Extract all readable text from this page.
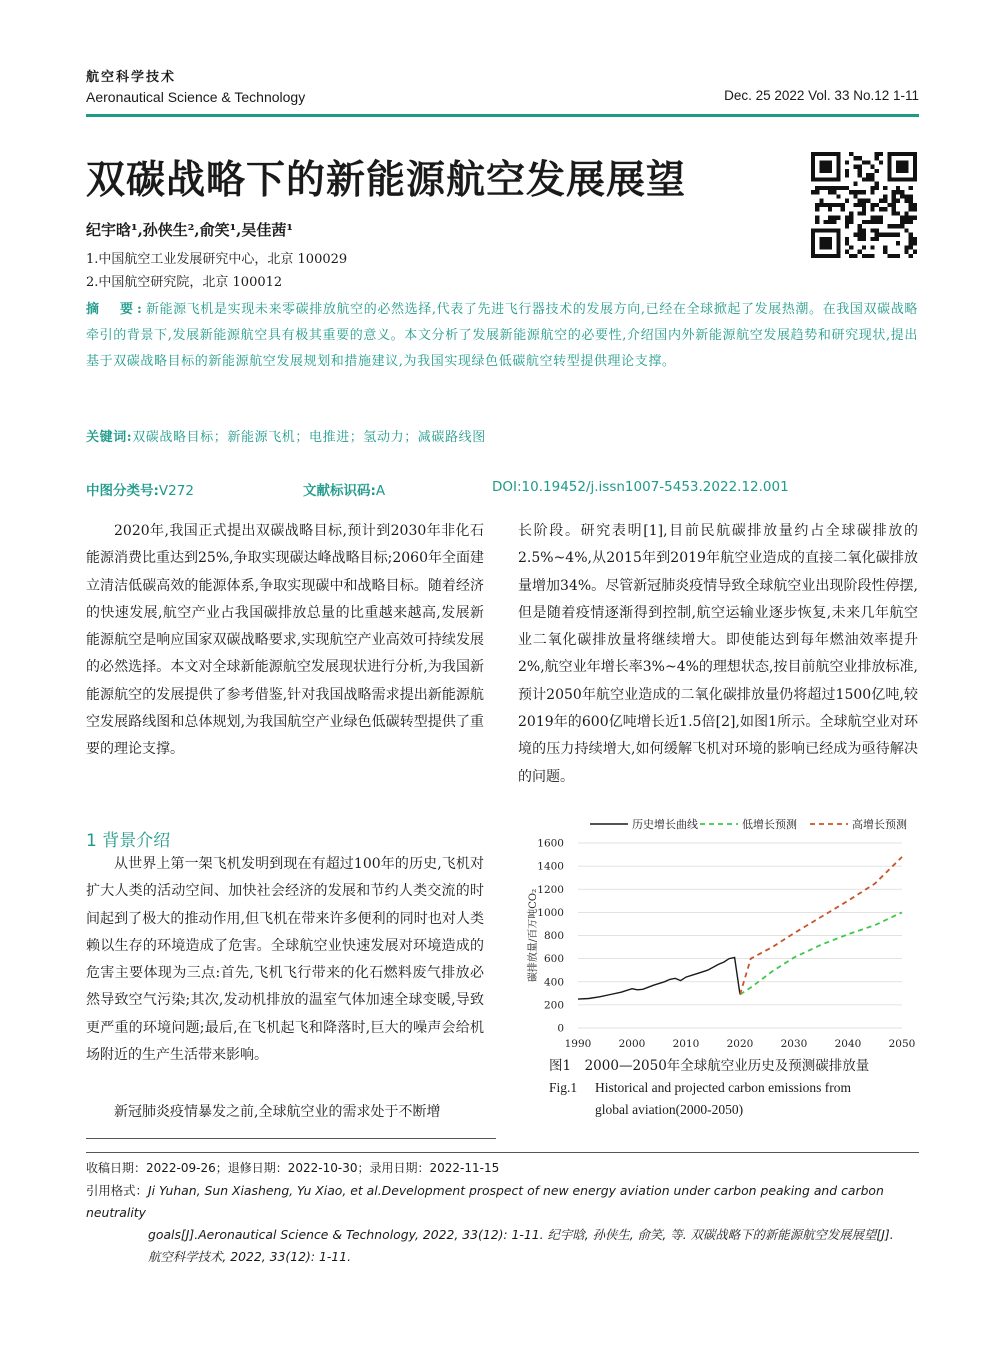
航空科学技术
Aeronautical Science & Technology	Dec. 25 2022 Vol. 33 No.12 1-11
双碳战略下的新能源航空发展展望
纪宇晗¹,孙侠生²,俞笑¹,吴佳茜¹
1.中国航空工业发展研究中心，北京 100029
2.中国航空研究院，北京 100012
摘　要:新能源飞机是实现未来零碳排放航空的必然选择,代表了先进飞行器技术的发展方向,已经在全球掀起了发展热潮。在我国双碳战略牵引的背景下,发展新能源航空具有极其重要的意义。本文分析了发展新能源航空的必要性,介绍国内外新能源航空发展趋势和研究现状,提出基于双碳战略目标的新能源航空发展规划和措施建议,为我国实现绿色低碳航空转型提供理论支撑。
关键词:双碳战略目标；新能源飞机；电推进；氢动力；减碳路线图
中图分类号:V272	文献标识码:A	DOI:10.19452/j.issn1007-5453.2022.12.001
2020年,我国正式提出双碳战略目标,预计到2030年非化石能源消费比重达到25%,争取实现碳达峰战略目标;2060年全面建立清洁低碳高效的能源体系,争取实现碳中和战略目标。随着经济的快速发展,航空产业占我国碳排放总量的比重越来越高,发展新能源航空是响应国家双碳战略要求,实现航空产业高效可持续发展的必然选择。本文对全球新能源航空发展现状进行分析,为我国新能源航空的发展提供了参考借鉴,针对我国战略需求提出新能源航空发展路线图和总体规划,为我国航空产业绿色低碳转型提供了重要的理论支撑。
1 背景介绍
从世界上第一架飞机发明到现在有超过100年的历史,飞机对扩大人类的活动空间、加快社会经济的发展和节约人类交流的时间起到了极大的推动作用,但飞机在带来许多便利的同时也对人类赖以生存的环境造成了危害。全球航空业快速发展对环境造成的危害主要体现为三点:首先,飞机飞行带来的化石燃料废气排放必然导致空气污染;其次,发动机排放的温室气体加速全球变暖,导致更严重的环境问题;最后,在飞机起飞和降落时,巨大的噪声会给机场附近的生产生活带来影响。
新冠肺炎疫情暴发之前,全球航空业的需求处于不断增
长阶段。研究表明[1],目前民航碳排放量约占全球碳排放的2.5%~4%,从2015年到2019年航空业造成的直接二氧化碳排放量增加34%。尽管新冠肺炎疫情导致全球航空业出现阶段性停摆,但是随着疫情逐渐得到控制,航空运输业逐步恢复,未来几年航空业二氧化碳排放量将继续增大。即使能达到每年燃油效率提升2%,航空业年增长率3%~4%的理想状态,按目前航空业排放标准,预计2050年航空业造成的二氧化碳排放量仍将超过1500亿吨,较2019年的600亿吨增长近1.5倍[2],如图1所示。全球航空业对环境的压力持续增大,如何缓解飞机对环境的影响已经成为亟待解决的问题。
0
200
400
600
800
1000
1200
1400
1600
1990	2000	2010	2020	2030	2040	2050
碳排放量/百万吨CO₂
历史增长曲线	低增长预测	高增长预测
图1　2000—2050年全球航空业历史及预测碳排放量
Fig.1 Historical and projected carbon emissions from
global aviation(2000-2050)
收稿日期：2022-09-26；退修日期：2022-10-30；录用日期：2022-11-15
引用格式：Ji Yuhan, Sun Xiasheng, Yu Xiao, et al.Development prospect of new energy aviation under carbon peaking and carbon neutrality
goals[J].Aeronautical Science & Technology, 2022, 33(12): 1-11. 纪宇晗, 孙侠生, 俞笑, 等. 双碳战略下的新能源航空发展展望[J].
航空科学技术, 2022, 33(12): 1-11.
